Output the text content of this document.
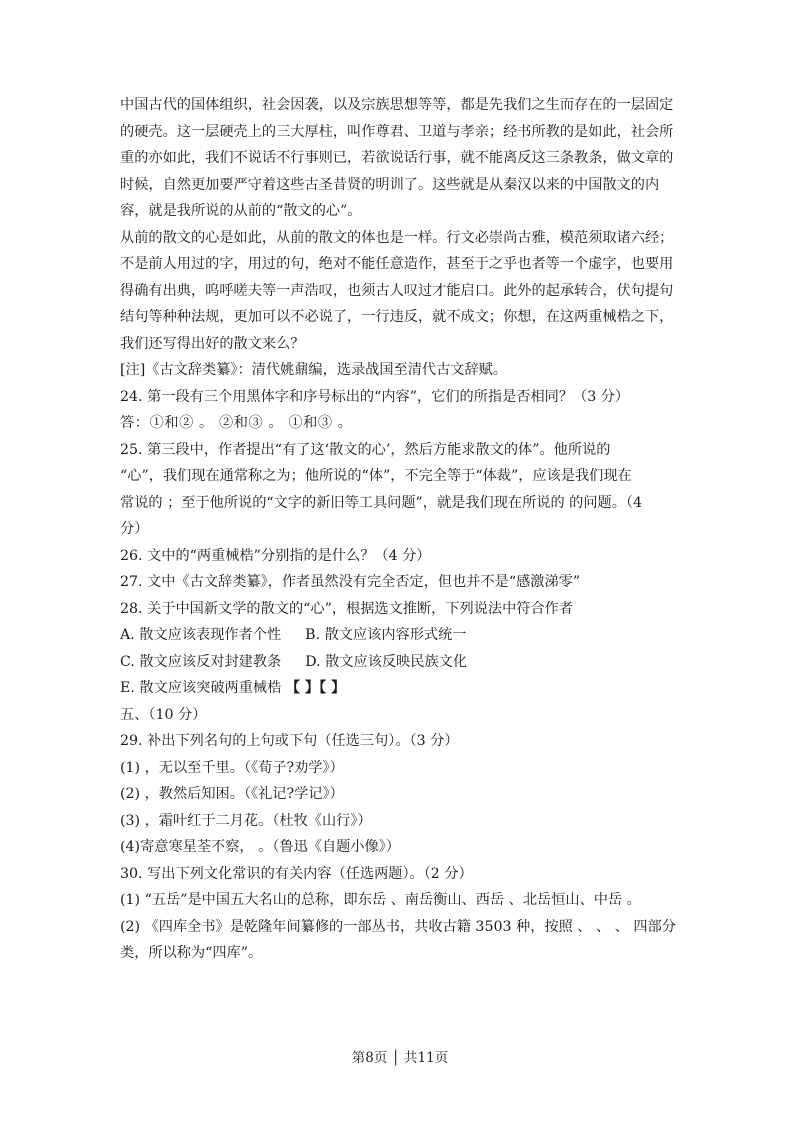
中国古代的国体组织，社会因袭，以及宗族思想等等，都是先我们之生而存在的一层固定
的硬壳。这一层硬壳上的三大厚柱，叫作尊君、卫道与孝亲；经书所教的是如此，社会所
重的亦如此，我们不说话不行事则已，若欲说话行事，就不能离反这三条教条，做文章的
时候，自然更加要严守着这些古圣昔贤的明训了。这些就是从秦汉以来的中国散文的内
容，就是我所说的从前的“散文的心”。
从前的散文的心是如此，从前的散文的体也是一样。行文必崇尚古雅，模范须取诸六经；
不是前人用过的字，用过的句，绝对不能任意造作，甚至于之乎也者等一个虚字，也要用
得确有出典，呜呼嗟夫等一声浩叹，也须古人叹过才能启口。此外的起承转合，伏句提句
结句等种种法规，更加可以不必说了，一行违反，就不成文；你想，在这两重械梏之下，
我们还写得出好的散文来么？
[注]《古文辞类纂》：清代姚鼐编，选录战国至清代古文辞赋。
24. 第一段有三个用黑体字和序号标出的“内容”，它们的所指是否相同？（3 分）
答：①和② 。 ②和③ 。 ①和③ 。
25. 第三段中，作者提出“有了这‘散文的心’，然后方能求散文的体”。他所说的
“心”，我们现在通常称之为；他所说的“体”，不完全等于“体裁”，应该是我们现在
常说的 ；至于他所说的“文字的新旧等工具问题”，就是我们现在所说的 的问题。（4
分）
26. 文中的“两重械梏”分别指的是什么？（4 分）
27. 文中《古文辞类纂》，作者虽然没有完全否定，但也并不是“感激涕零”
28. 关于中国新文学的散文的“心”，根据选文推断，下列说法中符合作者
A. 散文应该表现作者个性 B. 散文应该内容形式统一
C. 散文应该反对封建教条 D. 散文应该反映民族文化
E. 散文应该突破两重械梏 【 】【 】
五、（10 分）
29. 补出下列名句的上句或下句（任选三句）。（3 分）
(1) ，无以至千里。（《荀子?劝学》）
(2) ，教然后知困。（《礼记?学记》）
(3) ，霜叶红于二月花。（杜牧《山行》）
(4)寄意寒星荃不察， 。（鲁迅《自题小像》）
30. 写出下列文化常识的有关内容（任选两题）。（2 分）
(1) “五岳”是中国五大名山的总称，即东岳 、南岳衡山、西岳 、北岳恒山、中岳 。
(2) 《四库全书》是乾隆年间纂修的一部丛书，共收古籍 3503 种，按照 、 、 、 四部分
类，所以称为“四库”。
第8页 │ 共11页
